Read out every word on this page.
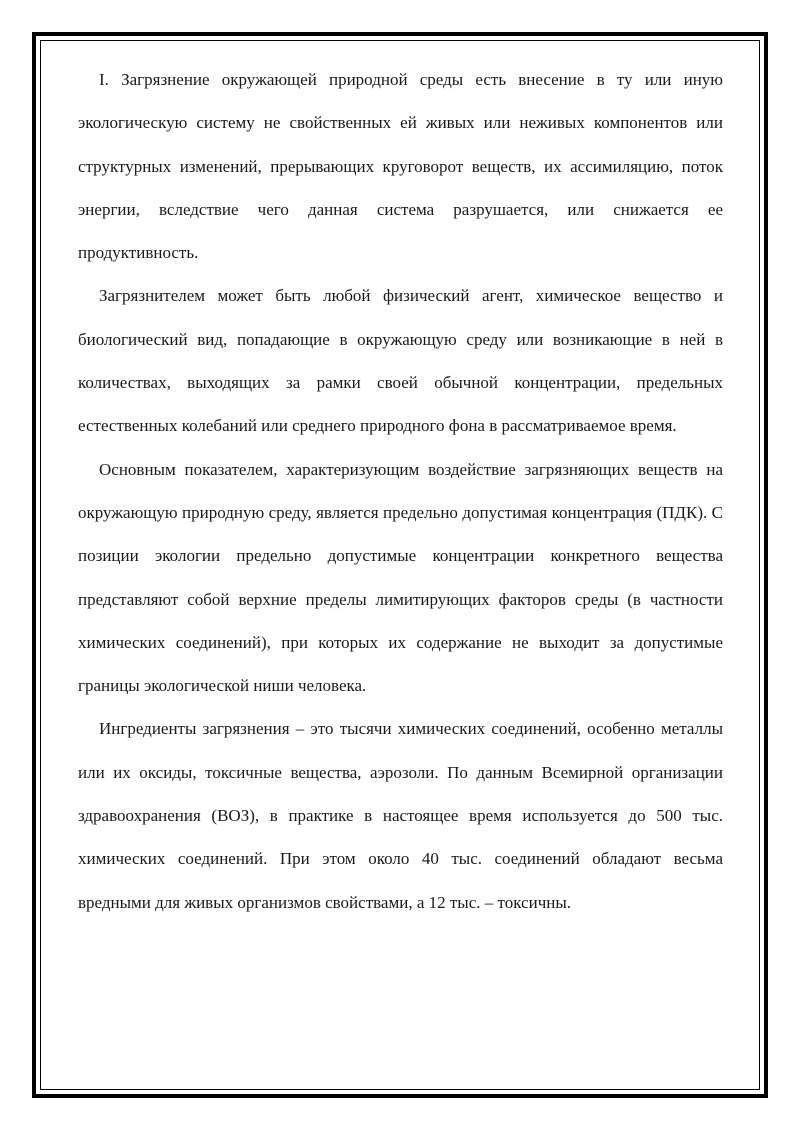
I. Загрязнение окружающей природной среды есть внесение в ту или иную экологическую систему не свойственных ей живых или неживых компонентов или структурных изменений, прерывающих круговорот веществ, их ассимиляцию, поток энергии, вследствие чего данная система разрушается, или снижается ее продуктивность.

Загрязнителем может быть любой физический агент, химическое вещество и биологический вид, попадающие в окружающую среду или возникающие в ней в количествах, выходящих за рамки своей обычной концентрации, предельных естественных колебаний или среднего природного фона в рассматриваемое время.

Основным показателем, характеризующим воздействие загрязняющих веществ на окружающую природную среду, является предельно допустимая концентрация (ПДК). С позиции экологии предельно допустимые концентрации конкретного вещества представляют собой верхние пределы лимитирующих факторов среды (в частности химических соединений), при которых их содержание не выходит за допустимые границы экологической ниши человека.

Ингредиенты загрязнения – это тысячи химических соединений, особенно металлы или их оксиды, токсичные вещества, аэрозоли. По данным Всемирной организации здравоохранения (ВОЗ), в практике в настоящее время используется до 500 тыс. химических соединений. При этом около 40 тыс. соединений обладают весьма вредными для живых организмов свойствами, а 12 тыс. – токсичны.
